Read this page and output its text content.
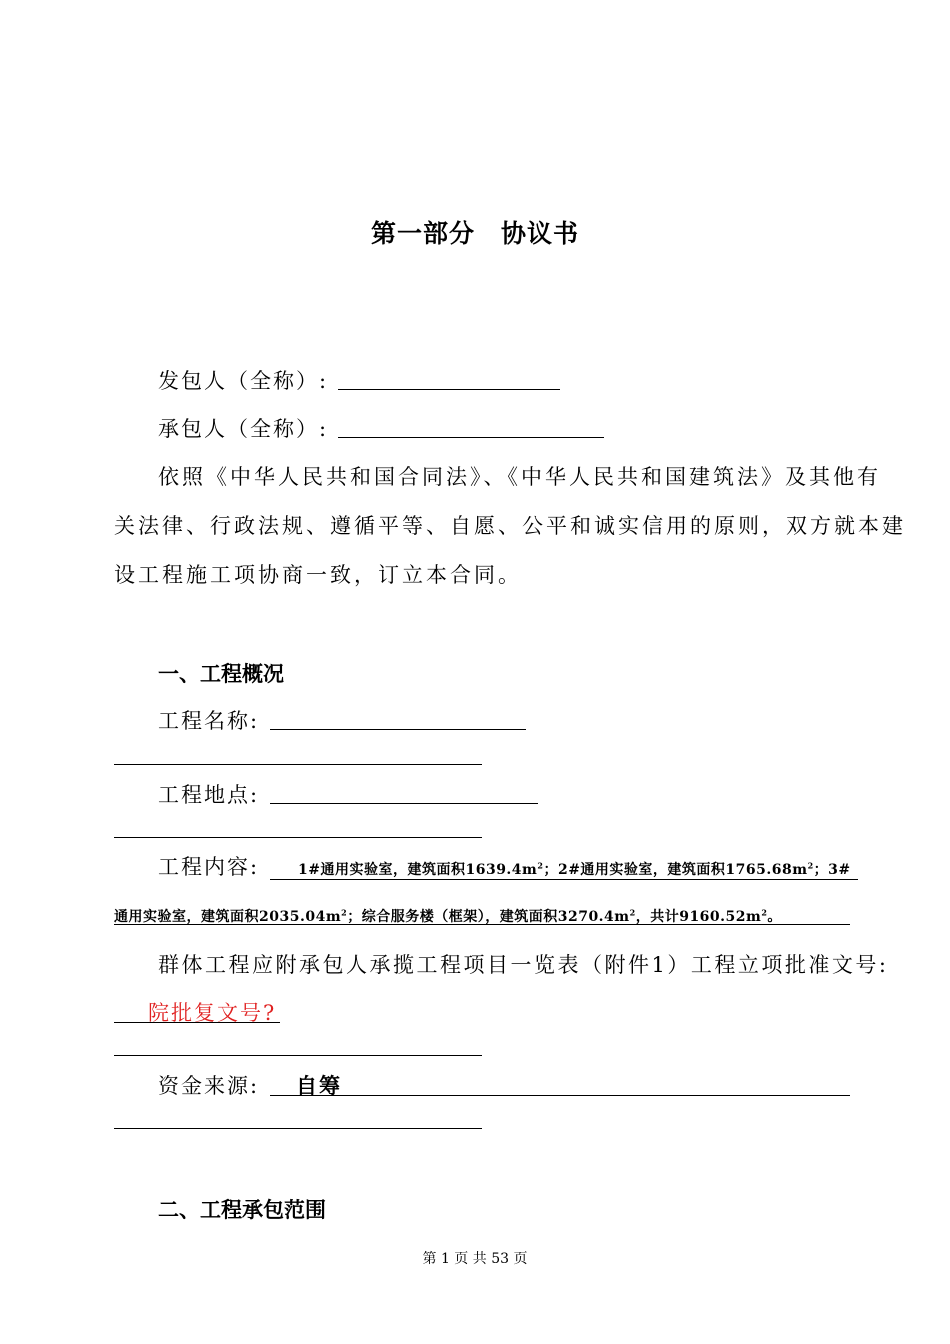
第一部分　协议书
发包人（全称）:
承包人（全称）:
依照《中华人民共和国合同法》、《中华人民共和国建筑法》及其他有
关法律、行政法规、遵循平等、自愿、公平和诚实信用的原则，双方就本建
设工程施工项协商一致，订立本合同。
一、工程概况
工程名称:
工程地点:
工程内容:	1#通用实验室，建筑面积$1639.4m^2$；2#通用实验室，建筑面积$1765.68m^2$；3#
通用实验室，建筑面积$2035.04m^2$；综合服务楼（框架），建筑面积$3270.4m^2$，共计$9160.52m^2$。
群体工程应附承包人承揽工程项目一览表（附件1）工程立项批准文号:
院批复文号?
资金来源: 自筹
二、工程承包范围
第 1 页 共 53 页
